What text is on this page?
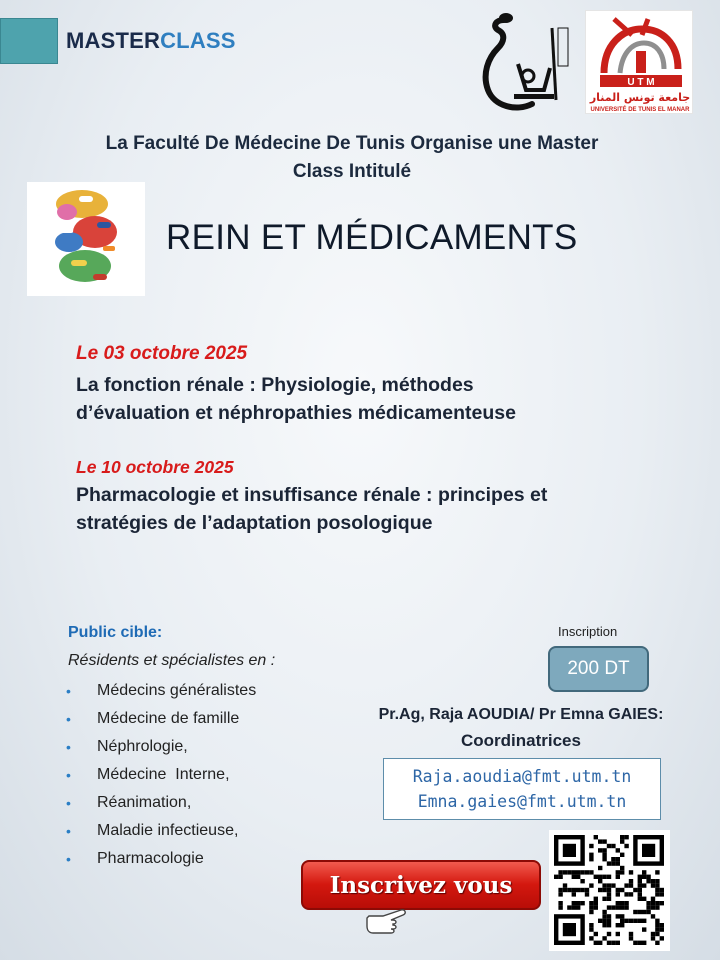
MASTERCLASS
U T M
جامعة تونس المنار
UNIVERSITÉ DE TUNIS EL MANAR
La Faculté De Médecine De Tunis Organise une Master
Class Intitulé
REIN ET MÉDICAMENTS
Le 03 octobre 2025
La fonction rénale : Physiologie, méthodes
d’évaluation et néphropathies médicamenteuse
Le 10 octobre 2025
Pharmacologie et insuffisance rénale : principes et
stratégies de l’adaptation posologique
Public cible:
Résidents et spécialistes en :
•	Médecins généralistes
•	Médecine de famille
•	Néphrologie,
•	Médecine  Interne,
•	Réanimation,
•	Maladie infectieuse,
•	Pharmacologie
Inscription
200 DT
Pr.Ag, Raja AOUDIA/ Pr Emna GAIES:
Coordinatrices
Raja.aoudia@fmt.utm.tn
Emna.gaies@fmt.utm.tn
Inscrivez vous
